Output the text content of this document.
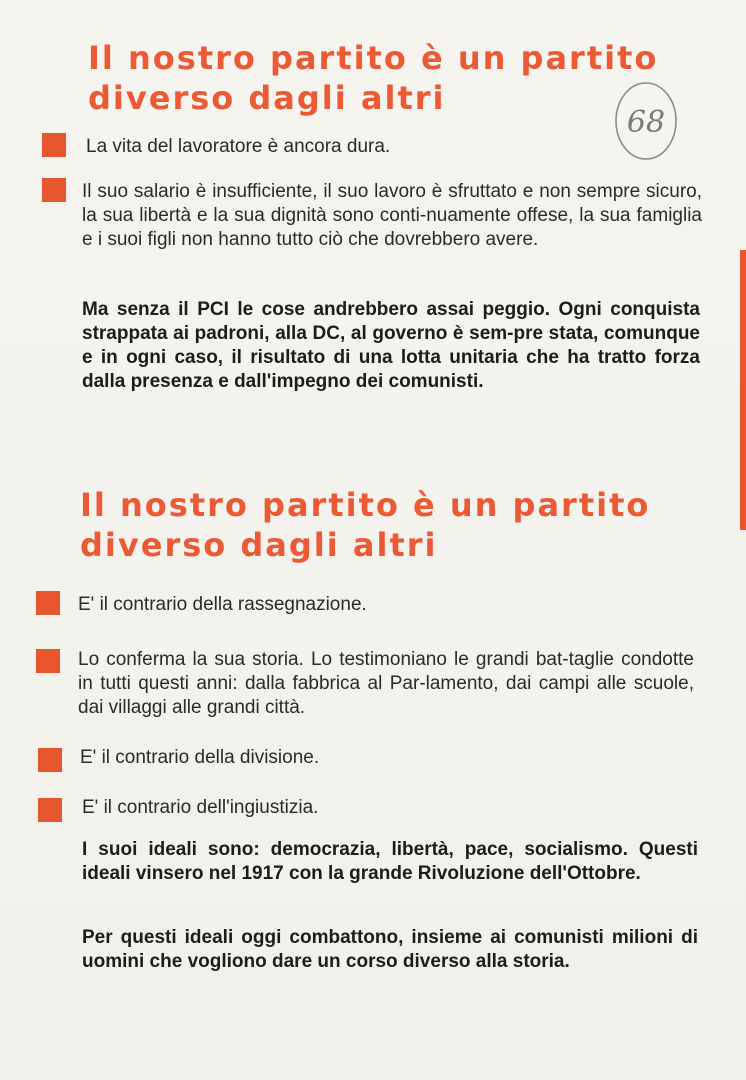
Il nostro partito è un partito
diverso dagli altri
68

La vita del lavoratore è ancora dura.

Il suo salario è insufficiente, il suo lavoro è sfruttato e non sempre sicuro, la sua libertà e la sua dignità sono conti-nuamente offese, la sua famiglia e i suoi figli non hanno tutto ciò che dovrebbero avere.

Ma senza il PCI le cose andrebbero assai peggio. Ogni conquista strappata ai padroni, alla DC, al governo è sem-pre stata, comunque e in ogni caso, il risultato di una lotta unitaria che ha tratto forza dalla presenza e dall'impegno dei comunisti.

Il nostro partito è un partito
diverso dagli altri

E' il contrario della rassegnazione.

Lo conferma la sua storia. Lo testimoniano le grandi bat-taglie condotte in tutti questi anni: dalla fabbrica al Par-lamento, dai campi alle scuole, dai villaggi alle grandi città.

E' il contrario della divisione.

E' il contrario dell'ingiustizia.

I suoi ideali sono: democrazia, libertà, pace, socialismo. Questi ideali vinsero nel 1917 con la grande Rivoluzione dell'Ottobre.

Per questi ideali oggi combattono, insieme ai comunisti milioni di uomini che vogliono dare un corso diverso alla storia.
